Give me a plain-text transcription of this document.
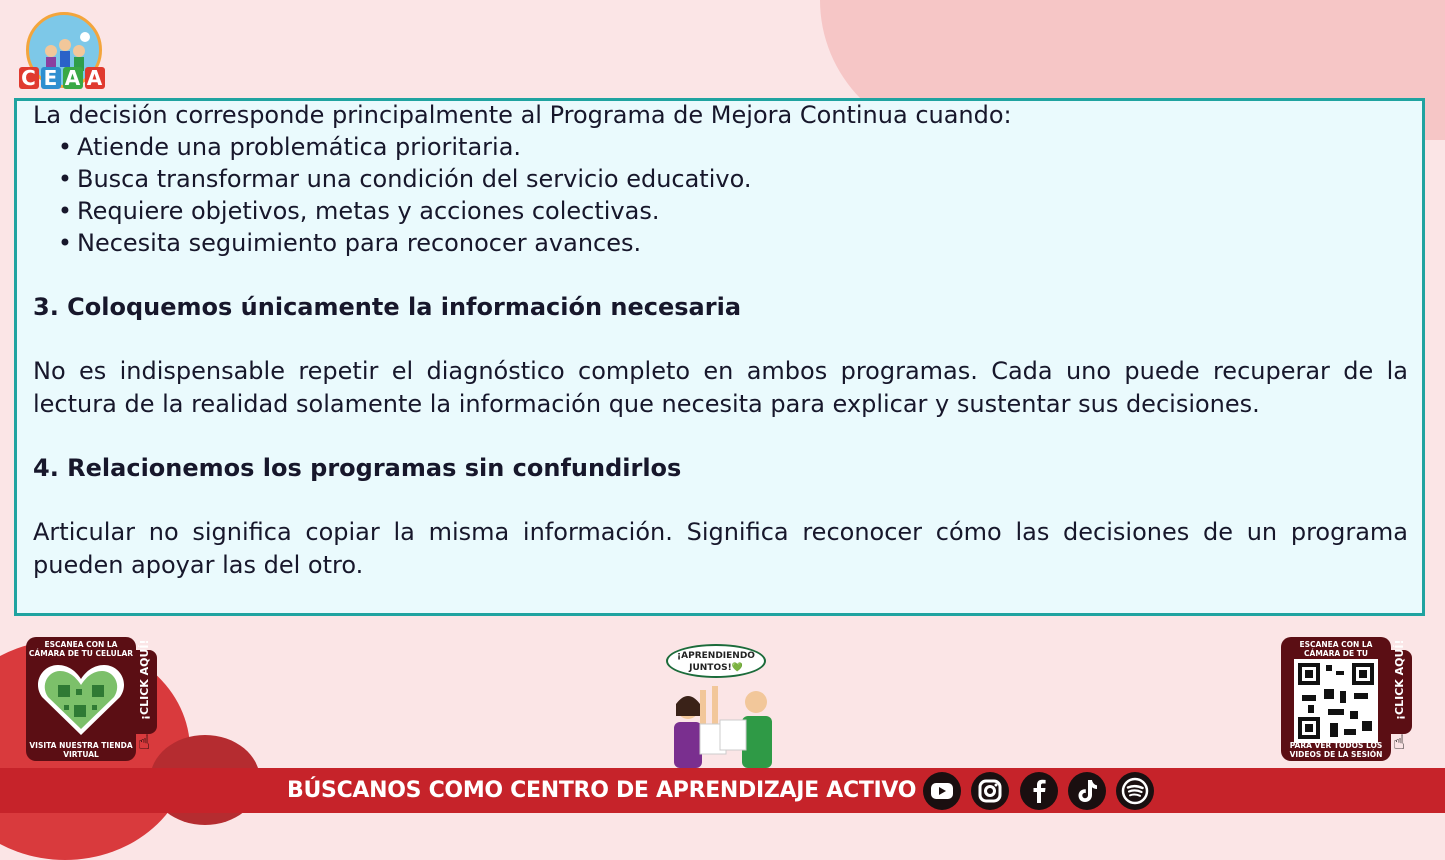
C E A A
La decisión corresponde principalmente al Programa de Mejora Continua cuando:
• Atiende una problemática prioritaria.
• Busca transformar una condición del servicio educativo.
• Requiere objetivos, metas y acciones colectivas.
• Necesita seguimiento para reconocer avances.
3. Coloquemos únicamente la información necesaria
No es indispensable repetir el diagnóstico completo en ambos programas. Cada uno puede recuperar de la lectura de la realidad solamente la información que necesita para explicar y sustentar sus decisiones.
4. Relacionemos los programas sin confundirlos
Articular no significa copiar la misma información. Significa reconocer cómo las decisiones de un programa pueden apoyar las del otro.
ESCANEA CON LA CÁMARA DE TU CELULAR
VISITA NUESTRA TIENDA VIRTUAL
¡CLICK AQUÍ!
☝
¡APRENDIENDO JUNTOS!💚
ESCANEA CON LA CÁMARA DE TU
PARA VER TODOS LOS VIDEOS DE LA SESIÓN
¡CLICK AQUÍ!
☝
BÚSCANOS COMO CENTRO DE APRENDIZAJE ACTIVO
